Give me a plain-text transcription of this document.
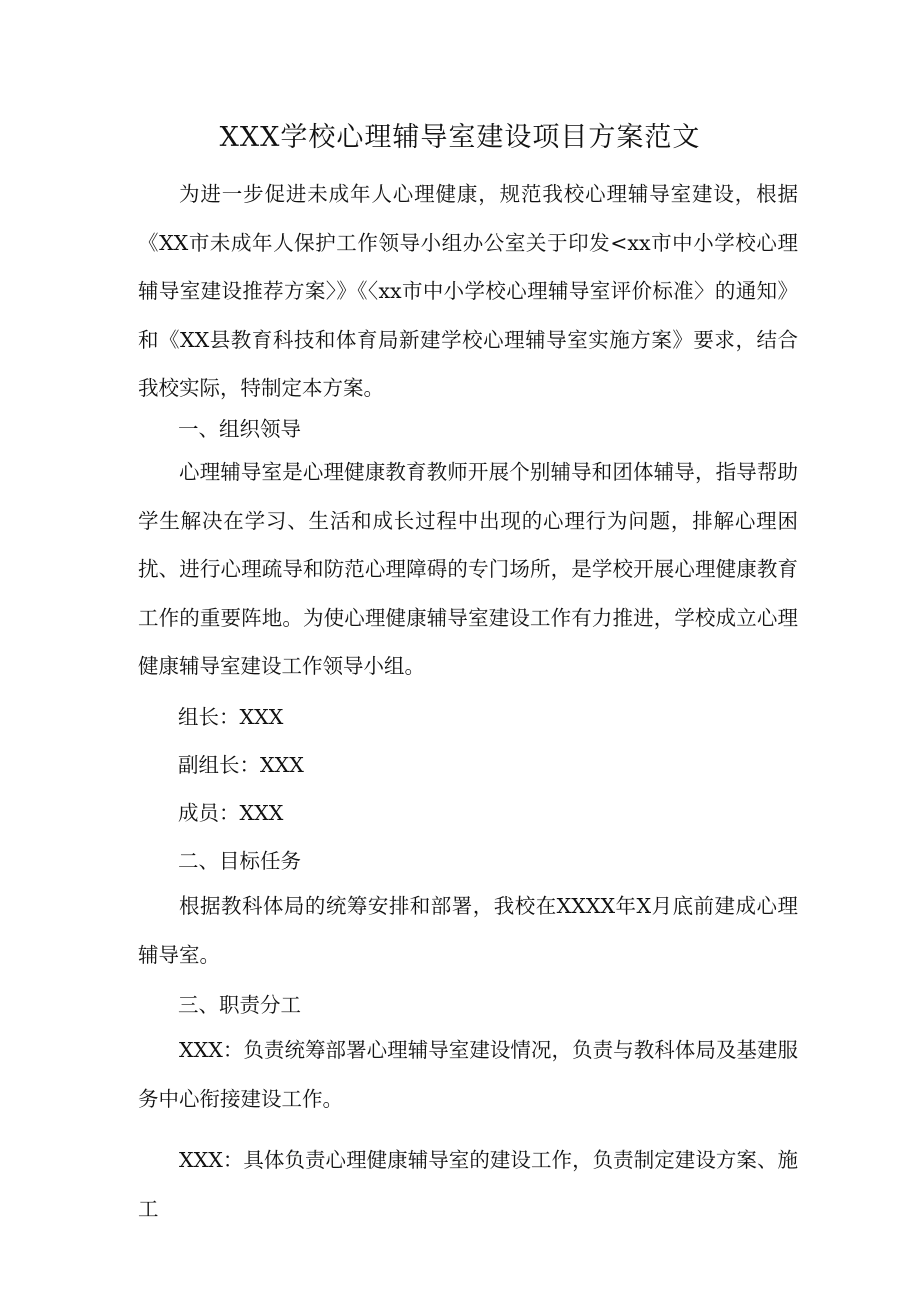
XXX学校心理辅导室建设项目方案范文

为进一步促进未成年人心理健康，规范我校心理辅导室建设，根据《XX市未成年人保护工作领导小组办公室关于印发<xx市中小学校心理辅导室建设推荐方案〉》《〈xx市中小学校心理辅导室评价标准〉的通知》和《XX县教育科技和体育局新建学校心理辅导室实施方案》要求，结合我校实际，特制定本方案。

一、组织领导

心理辅导室是心理健康教育教师开展个别辅导和团体辅导，指导帮助学生解决在学习、生活和成长过程中出现的心理行为问题，排解心理困扰、进行心理疏导和防范心理障碍的专门场所，是学校开展心理健康教育工作的重要阵地。为使心理健康辅导室建设工作有力推进，学校成立心理健康辅导室建设工作领导小组。

组长：XXX
副组长：XXX
成员：XXX
二、目标任务

根据教科体局的统筹安排和部署，我校在XXXX年X月底前建成心理辅导室。

三、职责分工

XXX：负责统筹部署心理辅导室建设情况，负责与教科体局及基建服务中心衔接建设工作。

XXX：具体负责心理健康辅导室的建设工作，负责制定建设方案、施工
